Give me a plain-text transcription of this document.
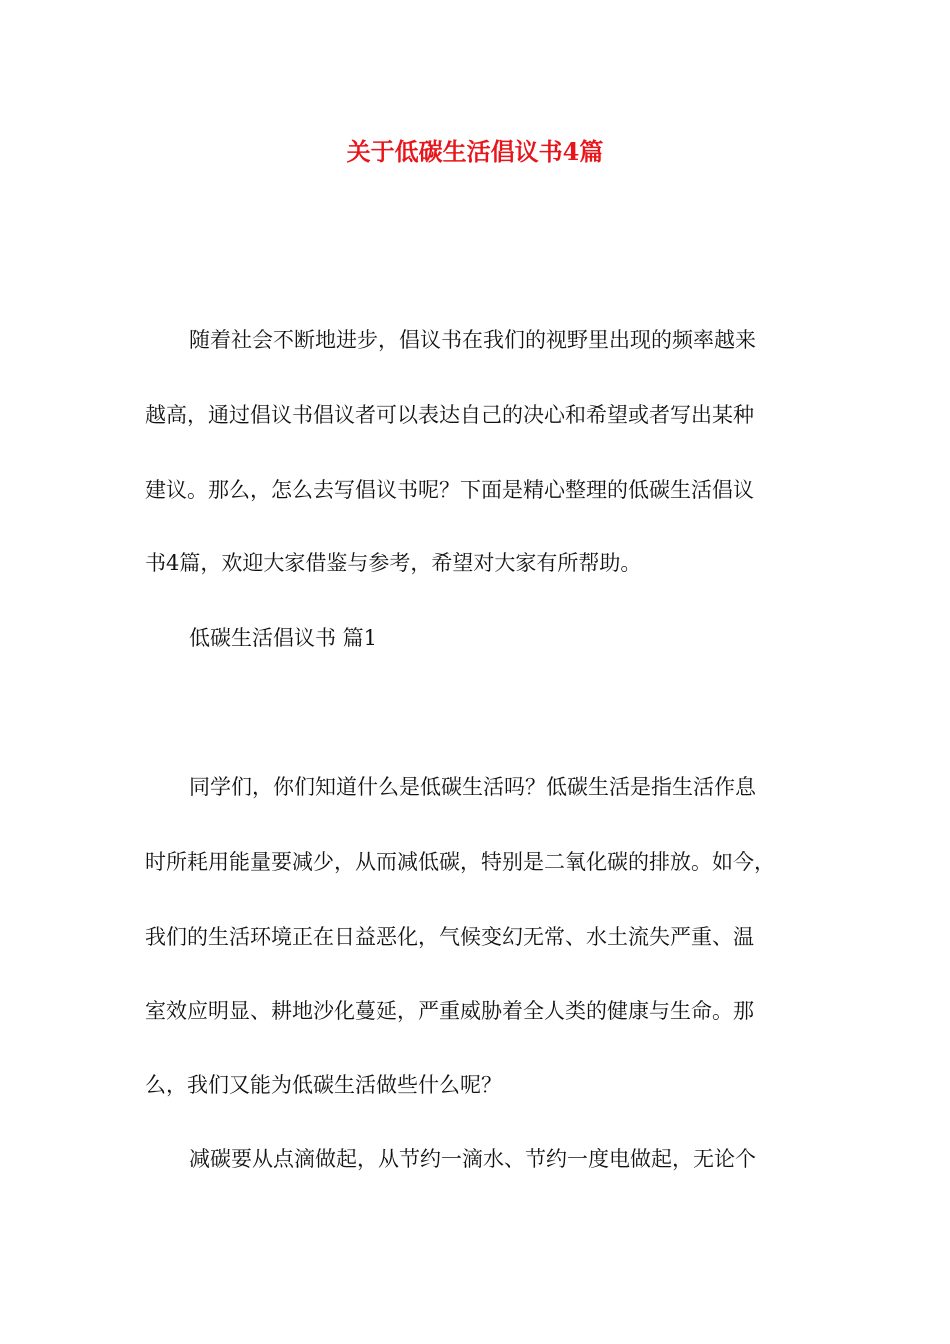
关于低碳生活倡议书4篇

随着社会不断地进步，倡议书在我们的视野里出现的频率越来

越高，通过倡议书倡议者可以表达自己的决心和希望或者写出某种

建议。那么，怎么去写倡议书呢？下面是精心整理的低碳生活倡议

书4篇，欢迎大家借鉴与参考，希望对大家有所帮助。

低碳生活倡议书 篇1

同学们，你们知道什么是低碳生活吗？低碳生活是指生活作息

时所耗用能量要减少，从而减低碳，特别是二氧化碳的排放。如今，

我们的生活环境正在日益恶化，气候变幻无常、水土流失严重、温

室效应明显、耕地沙化蔓延，严重威胁着全人类的健康与生命。那

么，我们又能为低碳生活做些什么呢？

减碳要从点滴做起，从节约一滴水、节约一度电做起，无论个
